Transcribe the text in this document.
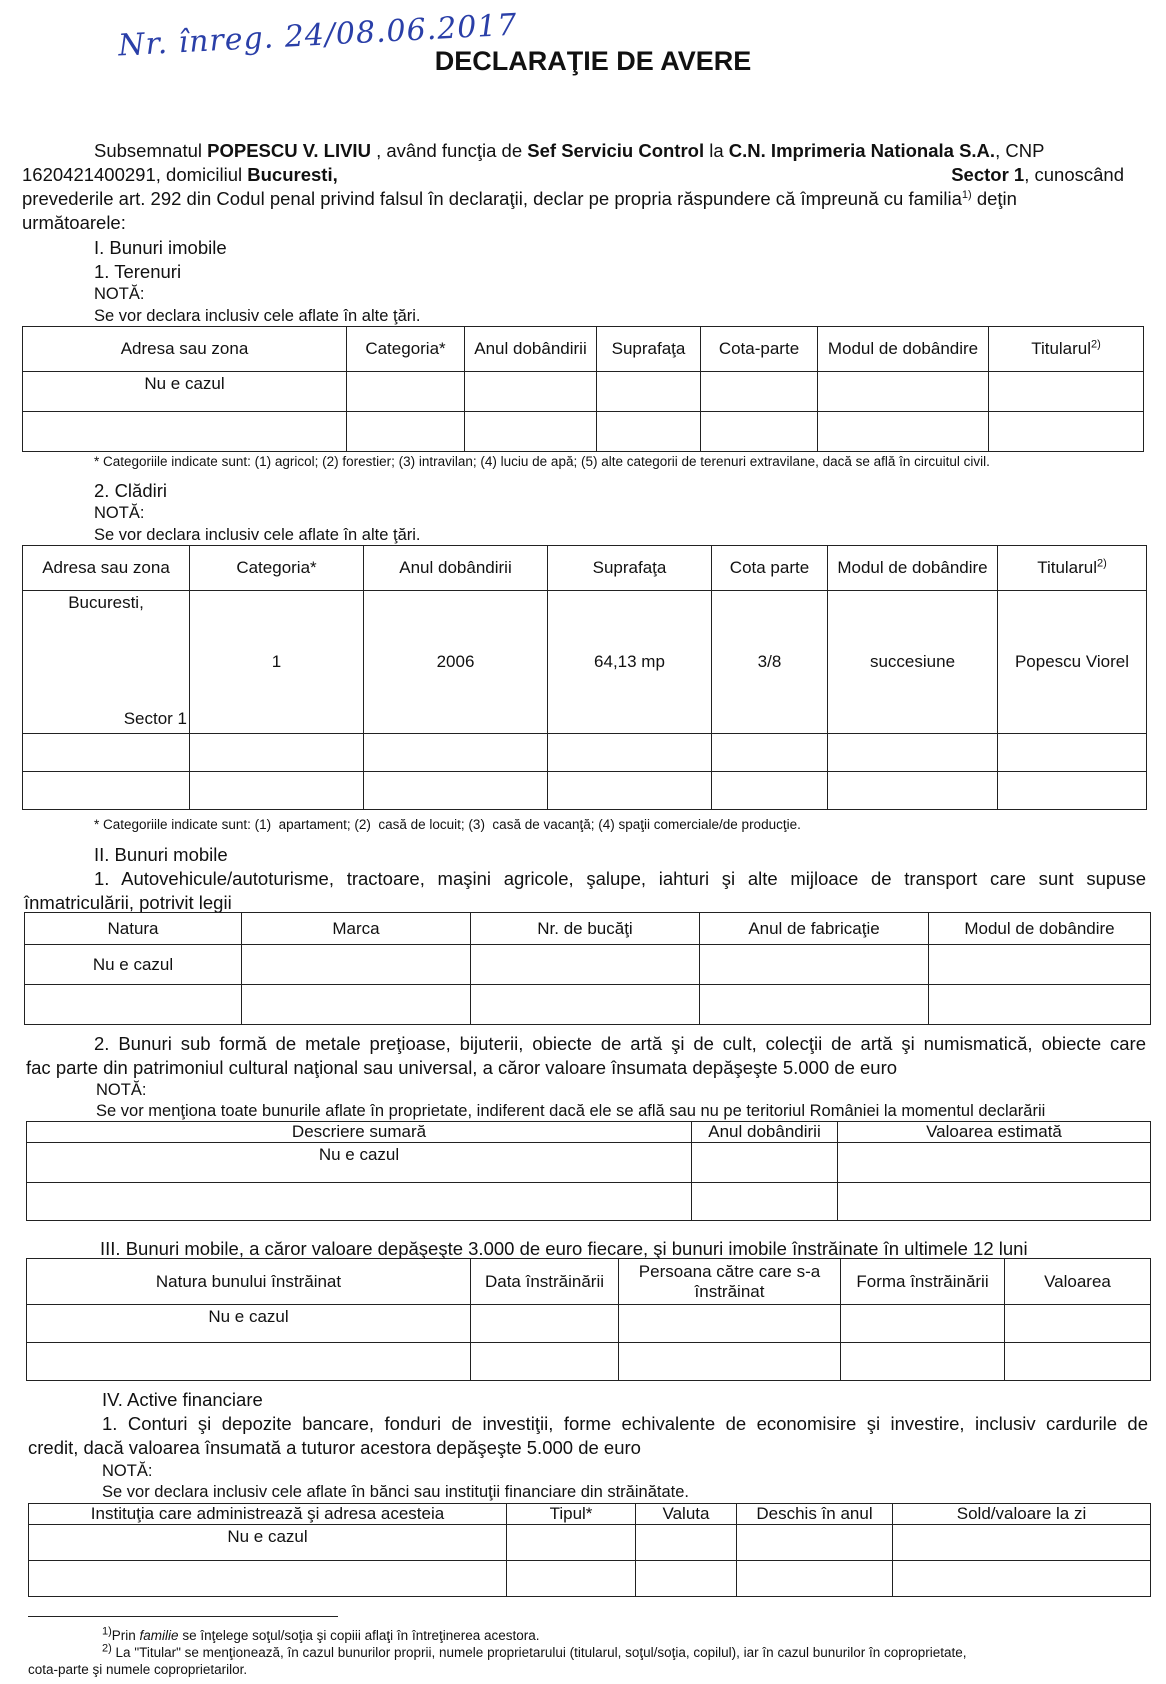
Nr. înreg. 24/08.06.2017
DECLARAŢIE DE AVERE
Subsemnatul POPESCU V. LIVIU , având funcţia de Sef Serviciu Control la C.N. Imprimeria Nationala S.A., CNP
1620421400291, domiciliul Bucuresti,	Sector 1, cunoscând
prevederile art. 292 din Codul penal privind falsul în declaraţii, declar pe propria răspundere că împreună cu familia$^{1)}$ deţin
următoarele:
I. Bunuri imobile
1. Terenuri
NOTĂ:
Se vor declara inclusiv cele aflate în alte ţări.
Adresa sau zona	Categoria*	Anul dobândirii	Suprafaţa	Cota-parte	Modul de dobândire	Titularul$^{2)}$
Nu e cazul						

* Categoriile indicate sunt: (1) agricol; (2) forestier; (3) intravilan; (4) luciu de apă; (5) alte categorii de terenuri extravilane, dacă se află în circuitul civil.
2. Clădiri
NOTĂ:
Se vor declara inclusiv cele aflate în alte ţări.
Adresa sau zona	Categoria*	Anul dobândirii	Suprafaţa	Cota parte	Modul de dobândire	Titularul$^{2)}$

Bucuresti,
Sector 1	1	2006	64,13 mp	3/8	succesiune	Popescu Viorel

* Categoriile indicate sunt: (1)  apartament; (2)  casă de locuit; (3)  casă de vacanţă; (4) spaţii comerciale/de producţie.
II. Bunuri mobile
1. Autovehicule/autoturisme, tractoare, maşini agricole, şalupe, iahturi şi alte mijloace de transport care sunt supuse
înmatriculării, potrivit legii
Natura	Marca	Nr. de bucăţi	Anul de fabricaţie	Modul de dobândire
Nu e cazul				

2. Bunuri sub formă de metale preţioase, bijuterii, obiecte de artă şi de cult, colecţii de artă şi numismatică, obiecte care
fac parte din patrimoniul cultural naţional sau universal, a căror valoare însumata depăşeşte 5.000 de euro
NOTĂ:
Se vor menţiona toate bunurile aflate în proprietate, indiferent dacă ele se află sau nu pe teritoriul României la momentul declarării
Descriere sumară	Anul dobândirii	Valoarea estimată
Nu e cazul		

III. Bunuri mobile, a căror valoare depăşeşte 3.000 de euro fiecare, şi bunuri imobile înstrăinate în ultimele 12 luni
Natura bunului înstrăinat	Data înstrăinării	Persoana către care s-a înstrăinat	Forma înstrăinării	Valoarea
Nu e cazul				

IV. Active financiare
1. Conturi şi depozite bancare, fonduri de investiţii, forme echivalente de economisire şi investire, inclusiv cardurile de
credit, dacă valoarea însumată a tuturor acestora depăşeşte 5.000 de euro
NOTĂ:
Se vor declara inclusiv cele aflate în bănci sau instituţii financiare din străinătate.
Instituţia care administrează şi adresa acesteia	Tipul*	Valuta	Deschis în anul	Sold/valoare la zi
Nu e cazul				

$^{1)}$Prin familie se înţelege soţul/soţia şi copiii aflaţi în întreţinerea acestora.
$^{2)}$ La "Titular" se menţionează, în cazul bunurilor proprii, numele proprietarului (titularul, soţul/soţia, copilul), iar în cazul bunurilor în coproprietate,
cota-parte şi numele coproprietarilor.
